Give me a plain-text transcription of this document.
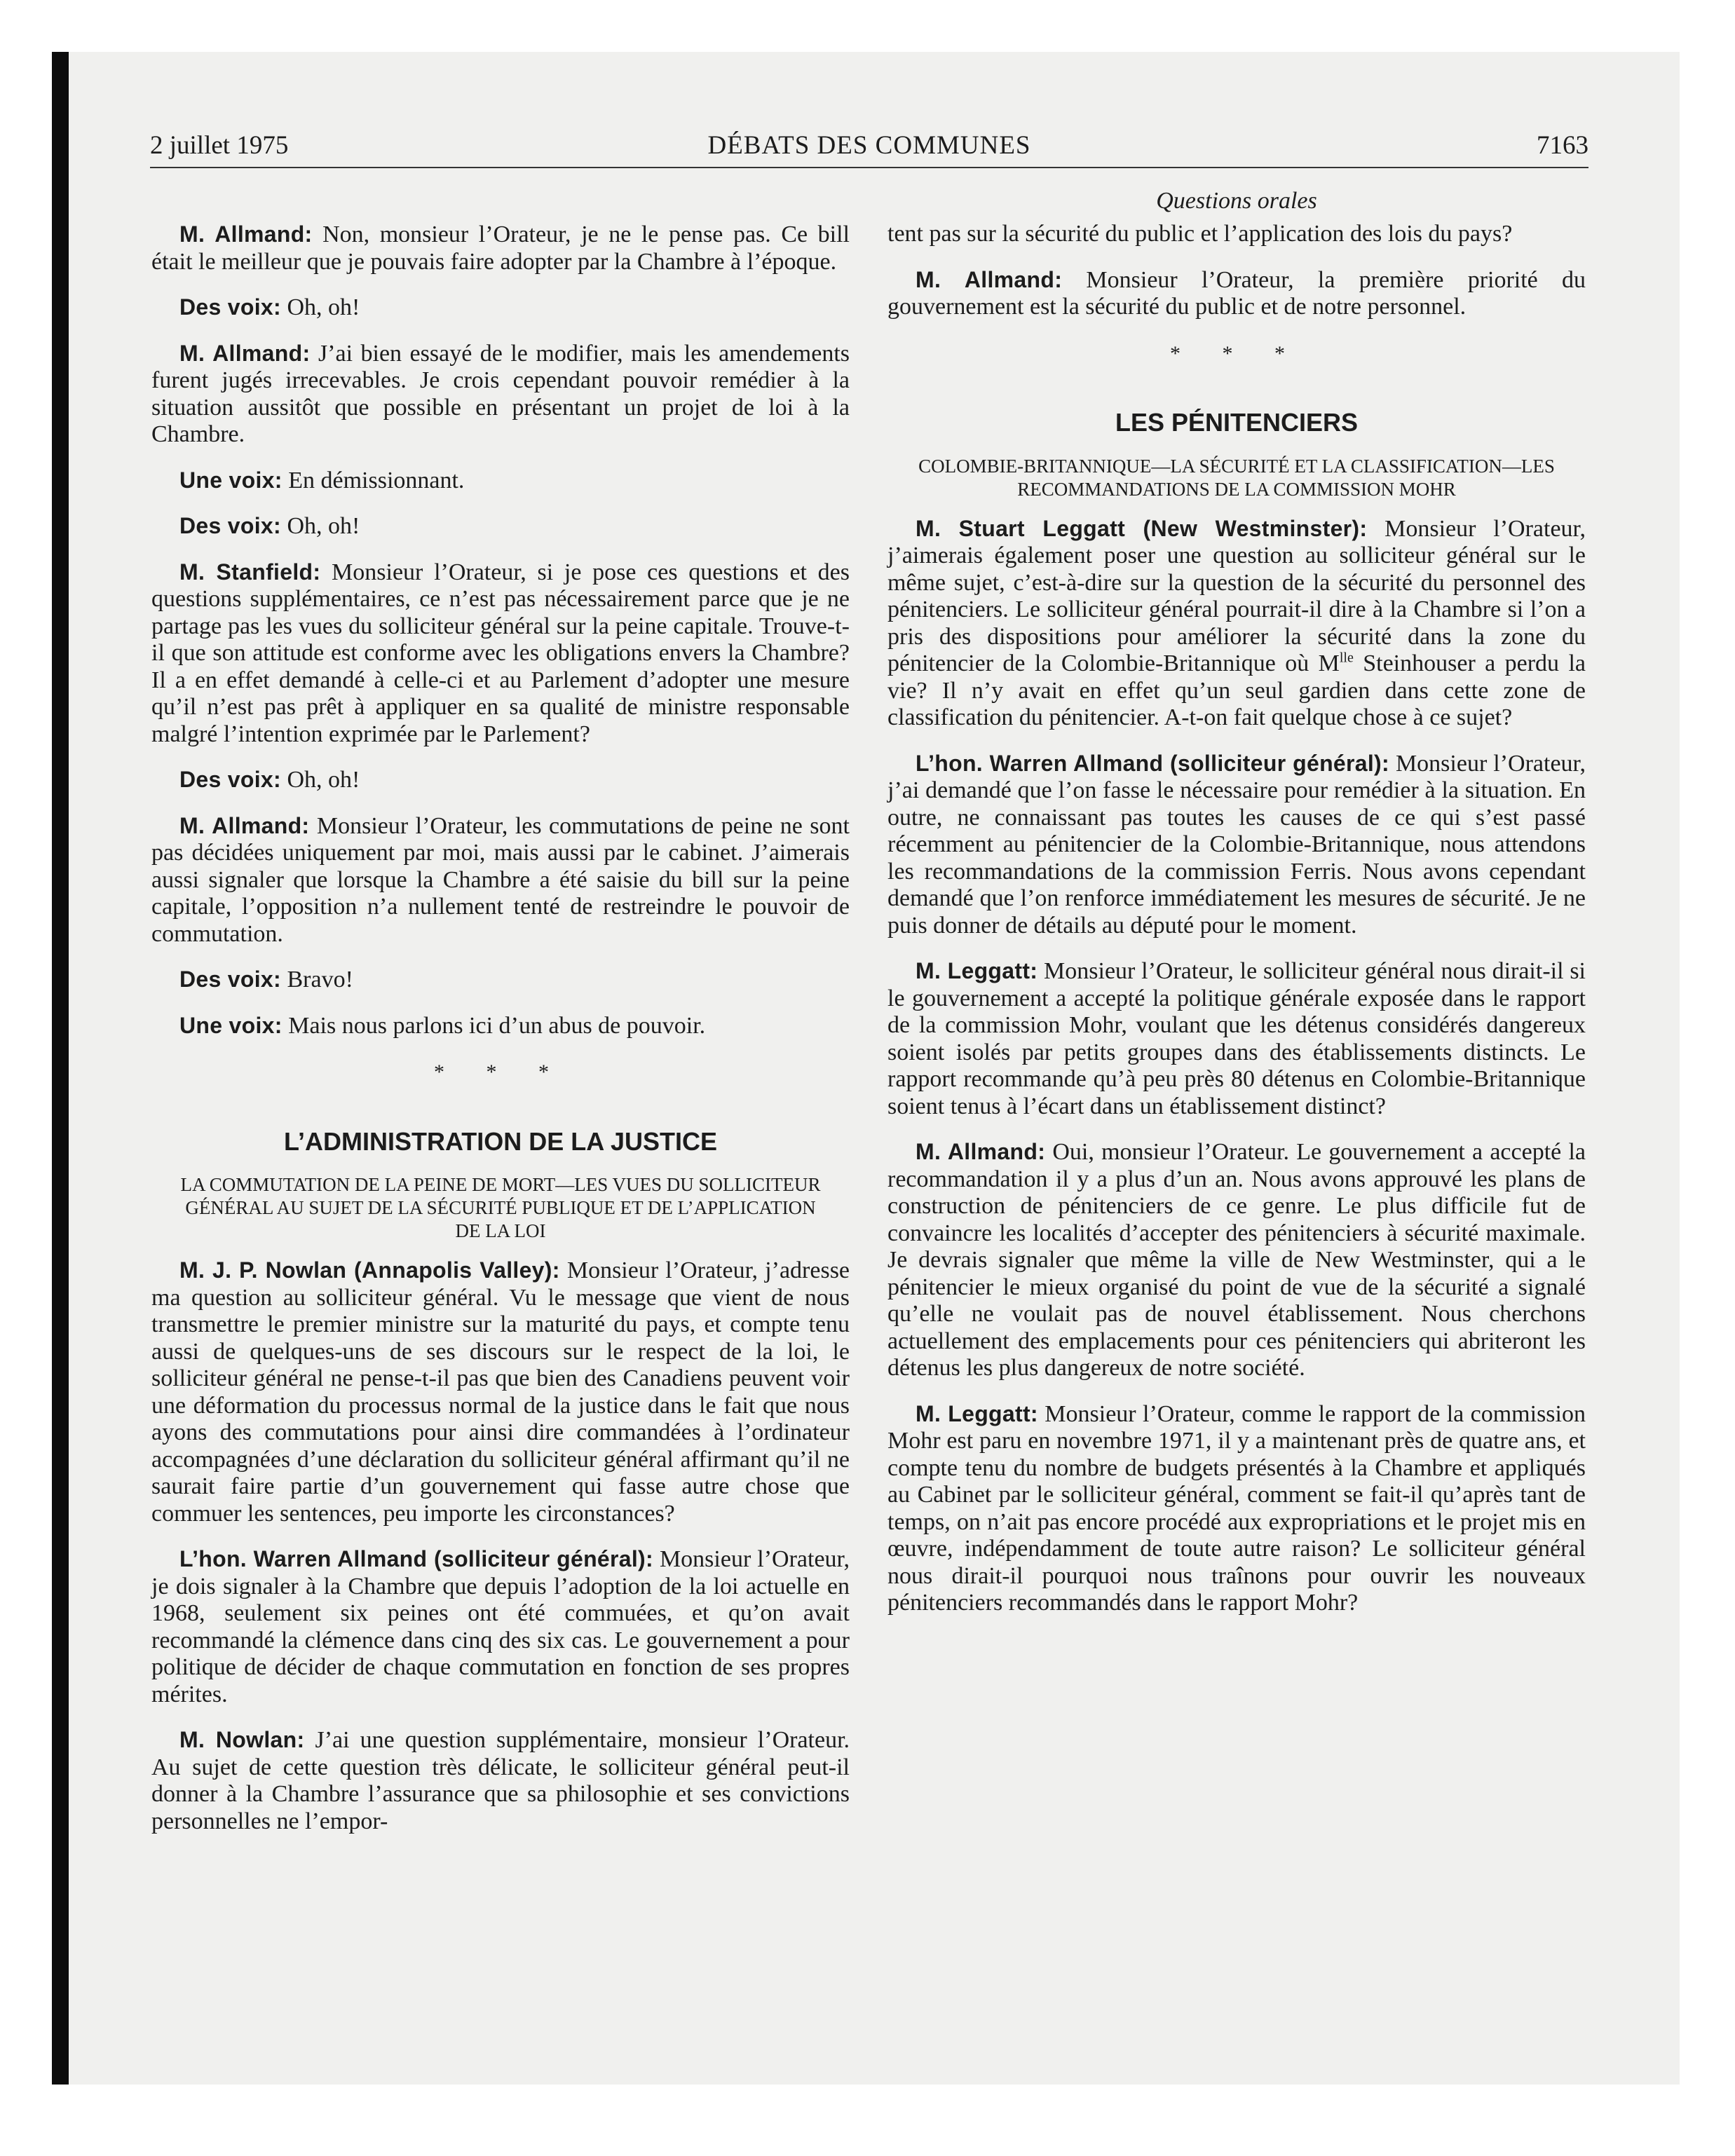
2 juillet 1975	DÉBATS DES COMMUNES	7163
Questions orales

M. Allmand: Non, monsieur l’Orateur, je ne le pense pas. Ce bill était le meilleur que je pouvais faire adopter par la Chambre à l’époque.

Des voix: Oh, oh!

M. Allmand: J’ai bien essayé de le modifier, mais les amendements furent jugés irrecevables. Je crois cependant pouvoir remédier à la situation aussitôt que possible en présentant un projet de loi à la Chambre.

Une voix: En démissionnant.

Des voix: Oh, oh!

M. Stanfield: Monsieur l’Orateur, si je pose ces questions et des questions supplémentaires, ce n’est pas nécessairement parce que je ne partage pas les vues du solliciteur général sur la peine capitale. Trouve-t-il que son attitude est conforme avec les obligations envers la Chambre? Il a en effet demandé à celle-ci et au Parlement d’adopter une mesure qu’il n’est pas prêt à appliquer en sa qualité de ministre responsable malgré l’intention exprimée par le Parlement?

Des voix: Oh, oh!

M. Allmand: Monsieur l’Orateur, les commutations de peine ne sont pas décidées uniquement par moi, mais aussi par le cabinet. J’aimerais aussi signaler que lorsque la Chambre a été saisie du bill sur la peine capitale, l’opposition n’a nullement tenté de restreindre le pouvoir de commutation.

Des voix: Bravo!

Une voix: Mais nous parlons ici d’un abus de pouvoir.

* * *
L’ADMINISTRATION DE LA JUSTICE
LA COMMUTATION DE LA PEINE DE MORT—LES VUES DU SOLLICITEUR GÉNÉRAL AU SUJET DE LA SÉCURITÉ PUBLIQUE ET DE L’APPLICATION DE LA LOI

M. J. P. Nowlan (Annapolis Valley): Monsieur l’Orateur, j’adresse ma question au solliciteur général. Vu le message que vient de nous transmettre le premier ministre sur la maturité du pays, et compte tenu aussi de quelques-uns de ses discours sur le respect de la loi, le solliciteur général ne pense-t-il pas que bien des Canadiens peuvent voir une déformation du processus normal de la justice dans le fait que nous ayons des commutations pour ainsi dire commandées à l’ordinateur accompagnées d’une déclaration du solliciteur général affirmant qu’il ne saurait faire partie d’un gouvernement qui fasse autre chose que commuer les sentences, peu importe les circonstances?

L’hon. Warren Allmand (solliciteur général): Monsieur l’Orateur, je dois signaler à la Chambre que depuis l’adoption de la loi actuelle en 1968, seulement six peines ont été commuées, et qu’on avait recommandé la clémence dans cinq des six cas. Le gouvernement a pour politique de décider de chaque commutation en fonction de ses propres mérites.

M. Nowlan: J’ai une question supplémentaire, monsieur l’Orateur. Au sujet de cette question très délicate, le solliciteur général peut-il donner à la Chambre l’assurance que sa philosophie et ses convictions personnelles ne l’empor-

tent pas sur la sécurité du public et l’application des lois du pays?

M. Allmand: Monsieur l’Orateur, la première priorité du gouvernement est la sécurité du public et de notre personnel.

* * *
LES PÉNITENCIERS
COLOMBIE-BRITANNIQUE—LA SÉCURITÉ ET LA CLASSIFICATION—LES RECOMMANDATIONS DE LA COMMISSION MOHR

M. Stuart Leggatt (New Westminster): Monsieur l’Orateur, j’aimerais également poser une question au solliciteur général sur le même sujet, c’est-à-dire sur la question de la sécurité du personnel des pénitenciers. Le solliciteur général pourrait-il dire à la Chambre si l’on a pris des dispositions pour améliorer la sécurité dans la zone du pénitencier de la Colombie-Britannique où $M^{lle}$ Steinhouser a perdu la vie? Il n’y avait en effet qu’un seul gardien dans cette zone de classification du pénitencier. A-t-on fait quelque chose à ce sujet?

L’hon. Warren Allmand (solliciteur général): Monsieur l’Orateur, j’ai demandé que l’on fasse le nécessaire pour remédier à la situation. En outre, ne connaissant pas toutes les causes de ce qui s’est passé récemment au pénitencier de la Colombie-Britannique, nous attendons les recommandations de la commission Ferris. Nous avons cependant demandé que l’on renforce immédiatement les mesures de sécurité. Je ne puis donner de détails au député pour le moment.

M. Leggatt: Monsieur l’Orateur, le solliciteur général nous dirait-il si le gouvernement a accepté la politique générale exposée dans le rapport de la commission Mohr, voulant que les détenus considérés dangereux soient isolés par petits groupes dans des établissements distincts. Le rapport recommande qu’à peu près 80 détenus en Colombie-Britannique soient tenus à l’écart dans un établissement distinct?

M. Allmand: Oui, monsieur l’Orateur. Le gouvernement a accepté la recommandation il y a plus d’un an. Nous avons approuvé les plans de construction de pénitenciers de ce genre. Le plus difficile fut de convaincre les localités d’accepter des pénitenciers à sécurité maximale. Je devrais signaler que même la ville de New Westminster, qui a le pénitencier le mieux organisé du point de vue de la sécurité a signalé qu’elle ne voulait pas de nouvel établissement. Nous cherchons actuellement des emplacements pour ces pénitenciers qui abriteront les détenus les plus dangereux de notre société.

M. Leggatt: Monsieur l’Orateur, comme le rapport de la commission Mohr est paru en novembre 1971, il y a maintenant près de quatre ans, et compte tenu du nombre de budgets présentés à la Chambre et appliqués au Cabinet par le solliciteur général, comment se fait-il qu’après tant de temps, on n’ait pas encore procédé aux expropriations et le projet mis en œuvre, indépendamment de toute autre raison? Le solliciteur général nous dirait-il pourquoi nous traînons pour ouvrir les nouveaux pénitenciers recommandés dans le rapport Mohr?
